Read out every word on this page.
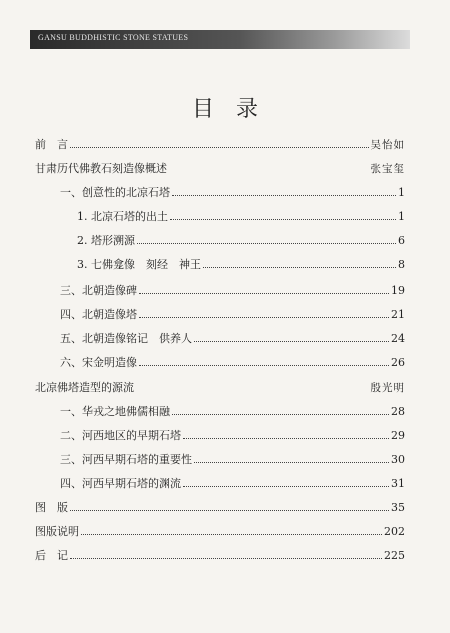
GANSU BUDDHISTIC STONE STATUES
目　录
前　言	吴怡如
甘肃历代佛教石刻造像概述	张宝玺
一、创意性的北凉石塔	1
1. 北凉石塔的出土	1
2. 塔形溯源	6
3. 七佛龛像　刻经　神王	8
三、北朝造像碑	19
四、北朝造像塔	21
五、北朝造像铭记　供养人	24
六、宋金明造像	26
北凉佛塔造型的源流	殷光明
一、华戎之地佛儒相融	28
二、河西地区的早期石塔	29
三、河西早期石塔的重要性	30
四、河西早期石塔的渊流	31
图　版	35
图版说明	202
后　记	225
